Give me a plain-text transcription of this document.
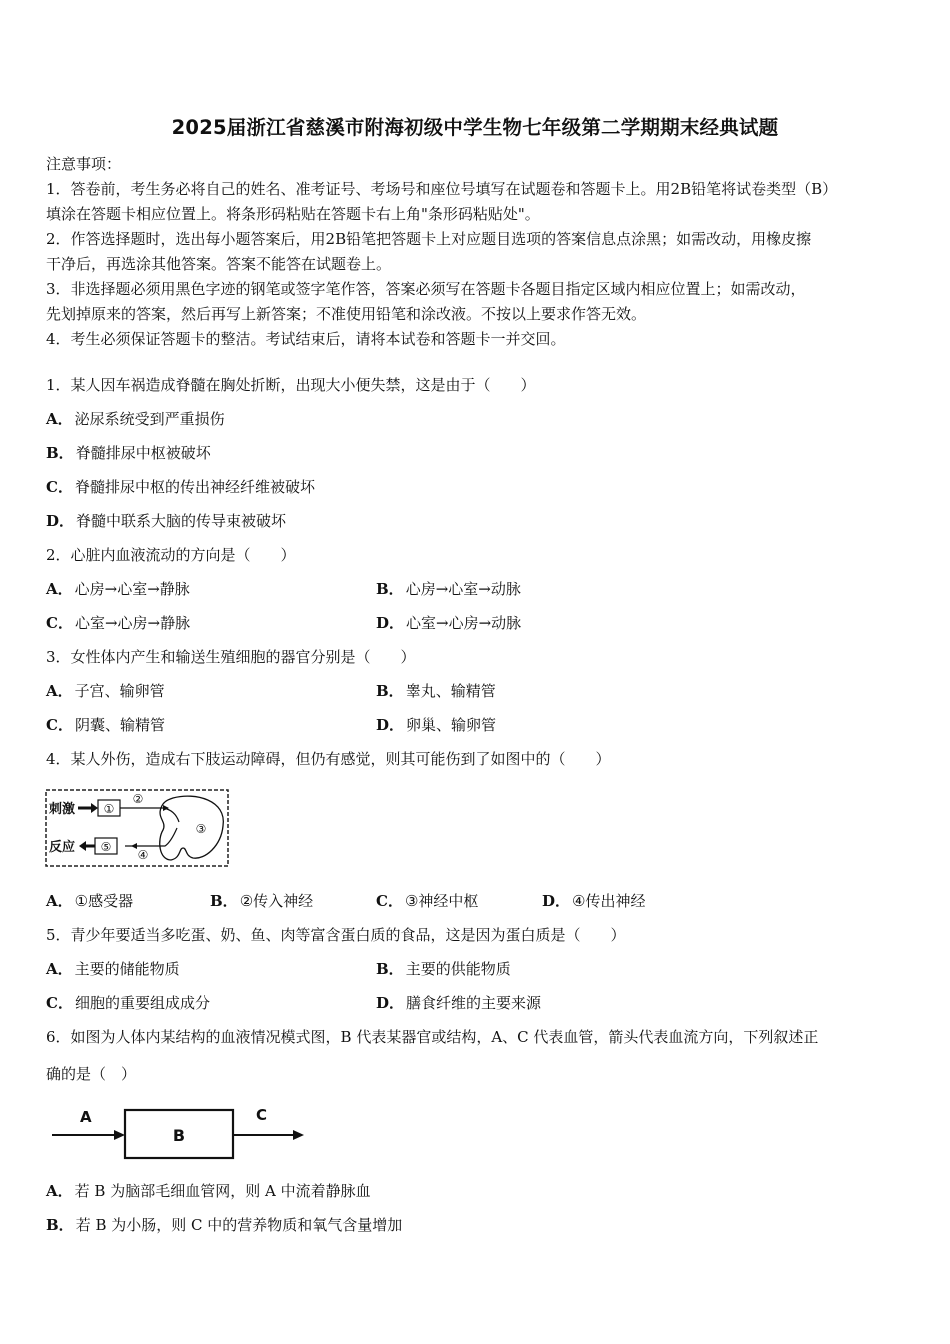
2025届浙江省慈溪市附海初级中学生物七年级第二学期期末经典试题
注意事项：
1．答卷前，考生务必将自己的姓名、准考证号、考场号和座位号填写在试题卷和答题卡上。用2B铅笔将试卷类型（B）
填涂在答题卡相应位置上。将条形码粘贴在答题卡右上角"条形码粘贴处"。
2．作答选择题时，选出每小题答案后，用2B铅笔把答题卡上对应题目选项的答案信息点涂黑；如需改动，用橡皮擦
干净后，再选涂其他答案。答案不能答在试题卷上。
3．非选择题必须用黑色字迹的钢笔或签字笔作答，答案必须写在答题卡各题目指定区域内相应位置上；如需改动，
先划掉原来的答案，然后再写上新答案；不准使用铅笔和涂改液。不按以上要求作答无效。
4．考生必须保证答题卡的整洁。考试结束后，请将本试卷和答题卡一并交回。
1．某人因车祸造成脊髓在胸处折断，出现大小便失禁，这是由于（　　）
A． 泌尿系统受到严重损伤
B． 脊髓排尿中枢被破坏
C． 脊髓排尿中枢的传出神经纤维被破坏
D． 脊髓中联系大脑的传导束被破坏
2．心脏内血液流动的方向是（　　）
A． 心房→心室→静脉	B． 心房→心室→动脉
C． 心室→心房→静脉	D． 心室→心房→动脉
3．女性体内产生和输送生殖细胞的器官分别是（　　）
A． 子宫、输卵管	B． 睾丸、输精管
C． 阴囊、输精管	D． 卵巢、输卵管
4．某人外伤，造成右下肢运动障碍，但仍有感觉，则其可能伤到了如图中的（　　）
刺激 ①
②
③
④
⑤
反应
A． ①感受器	B． ②传入神经	C． ③神经中枢	D． ④传出神经
5．青少年要适当多吃蛋、奶、鱼、肉等富含蛋白质的食品，这是因为蛋白质是（　　）
A． 主要的储能物质	B． 主要的供能物质
C． 细胞的重要组成成分	D． 膳食纤维的主要来源
6．如图为人体内某结构的血液情况模式图，B 代表某器官或结构，A、C 代表血管，箭头代表血流方向，下列叙述正
确的是（　）
A
B
C
A． 若 B 为脑部毛细血管网，则 A 中流着静脉血
B． 若 B 为小肠，则 C 中的营养物质和氧气含量增加
